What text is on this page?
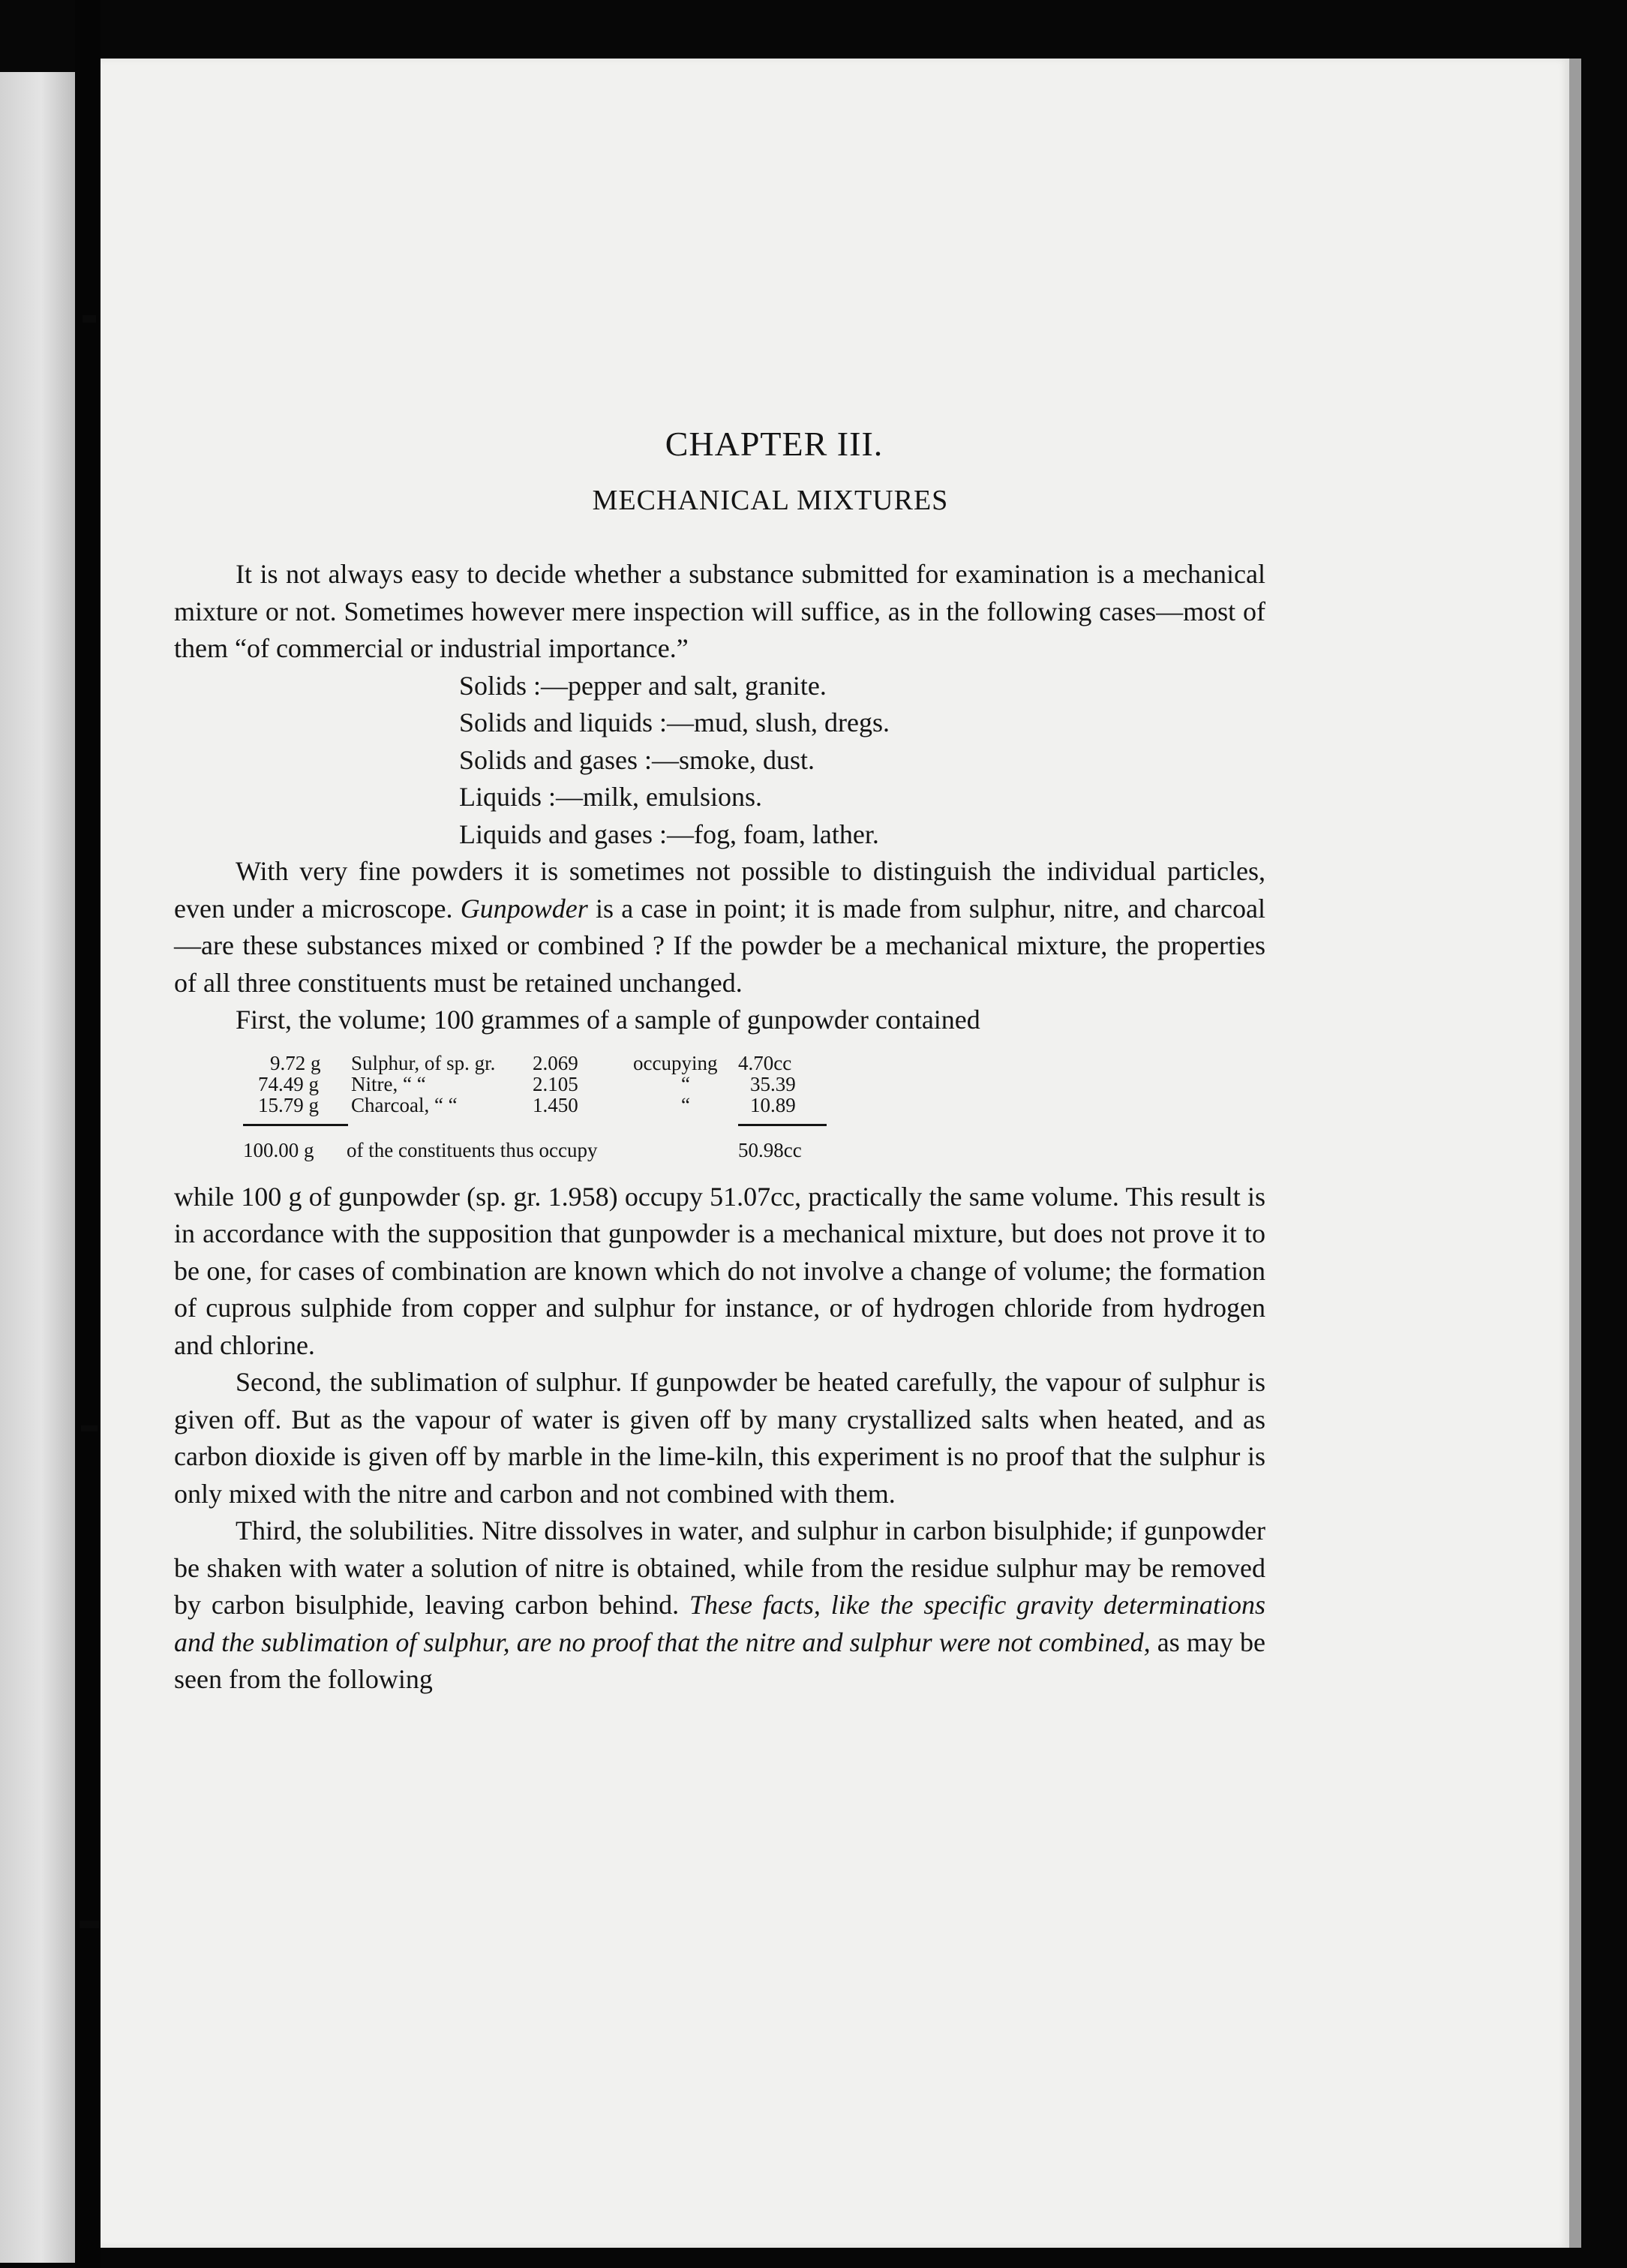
CHAPTER III.
MECHANICAL MIXTURES

It is not always easy to decide whether a substance submitted for examination is a mechanical mixture or not. Sometimes however mere inspection will suffice, as in the following cases—most of them “of commercial or industrial importance.”

Solids :—pepper and salt, granite.
Solids and liquids :—mud, slush, dregs.
Solids and gases :—smoke, dust.
Liquids :—milk, emulsions.
Liquids and gases :—fog, foam, lather.

With very fine powders it is sometimes not possible to distinguish the individual particles, even under a microscope. Gunpowder is a case in point; it is made from sulphur, nitre, and charcoal—are these substances mixed or combined ? If the powder be a mechanical mixture, the properties of all three constituents must be retained unchanged.

First, the volume; 100 grammes of a sample of gunpowder contained

9.72 g Sulphur, of sp. gr. 2.069	occupying 4.70cc
74.49 g Nitre, “ “	2.105	“	35.39
15.79 g Charcoal, “ “	1.450	“	10.89
100.00 g of the constituents thus occupy	50.98cc

while 100 g of gunpowder (sp. gr. 1.958) occupy 51.07cc, practically the same volume. This result is in accordance with the supposition that gunpowder is a mechanical mixture, but does not prove it to be one, for cases of combination are known which do not involve a change of volume; the formation of cuprous sulphide from copper and sulphur for instance, or of hydrogen chloride from hydrogen and chlorine.

Second, the sublimation of sulphur. If gunpowder be heated carefully, the vapour of sulphur is given off. But as the vapour of water is given off by many crystallized salts when heated, and as carbon dioxide is given off by marble in the lime-kiln, this experiment is no proof that the sulphur is only mixed with the nitre and carbon and not combined with them.

Third, the solubilities. Nitre dissolves in water, and sulphur in carbon bisulphide; if gunpowder be shaken with water a solution of nitre is obtained, while from the residue sulphur may be removed by carbon bisulphide, leaving carbon behind. These facts, like the specific gravity determinations and the sublimation of sulphur, are no proof that the nitre and sulphur were not combined, as may be seen from the following
